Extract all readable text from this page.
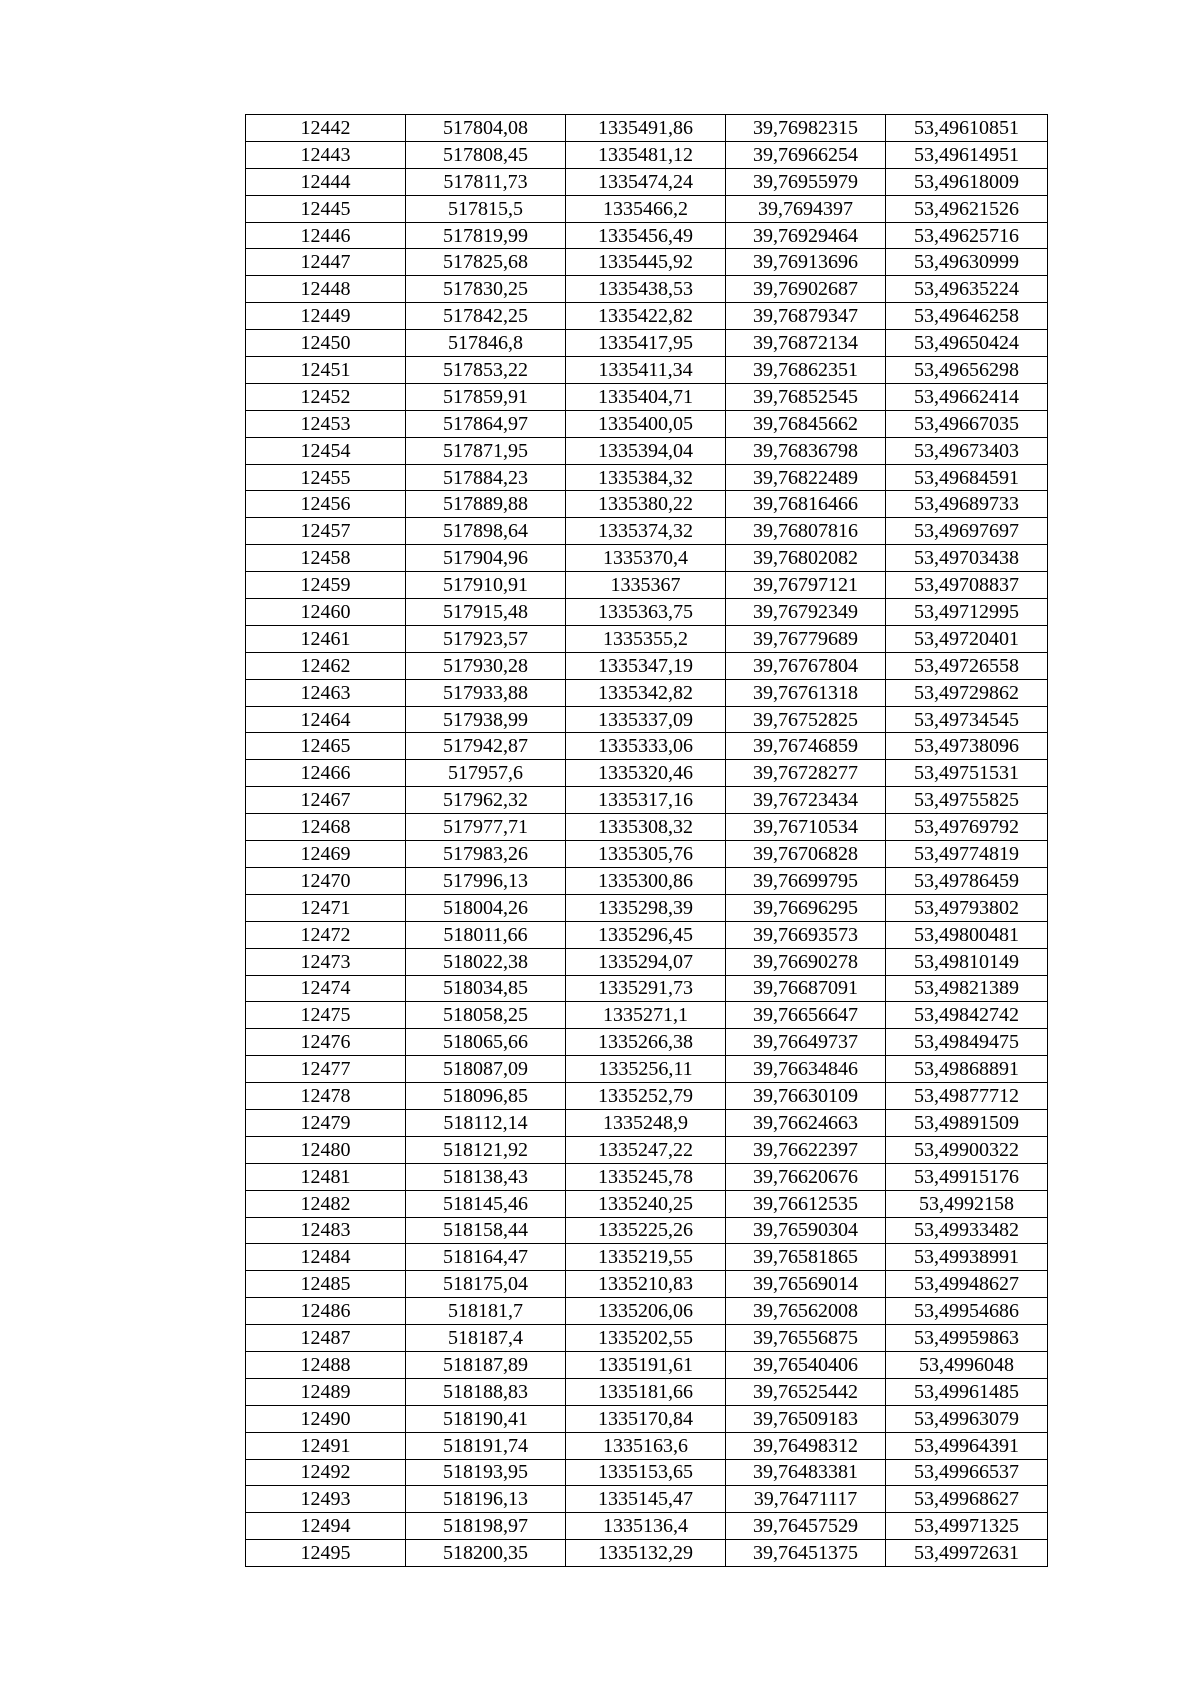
12442	517804,08	1335491,86	39,76982315	53,49610851
12443	517808,45	1335481,12	39,76966254	53,49614951
12444	517811,73	1335474,24	39,76955979	53,49618009
12445	517815,5	1335466,2	39,7694397	53,49621526
12446	517819,99	1335456,49	39,76929464	53,49625716
12447	517825,68	1335445,92	39,76913696	53,49630999
12448	517830,25	1335438,53	39,76902687	53,49635224
12449	517842,25	1335422,82	39,76879347	53,49646258
12450	517846,8	1335417,95	39,76872134	53,49650424
12451	517853,22	1335411,34	39,76862351	53,49656298
12452	517859,91	1335404,71	39,76852545	53,49662414
12453	517864,97	1335400,05	39,76845662	53,49667035
12454	517871,95	1335394,04	39,76836798	53,49673403
12455	517884,23	1335384,32	39,76822489	53,49684591
12456	517889,88	1335380,22	39,76816466	53,49689733
12457	517898,64	1335374,32	39,76807816	53,49697697
12458	517904,96	1335370,4	39,76802082	53,49703438
12459	517910,91	1335367	39,76797121	53,49708837
12460	517915,48	1335363,75	39,76792349	53,49712995
12461	517923,57	1335355,2	39,76779689	53,49720401
12462	517930,28	1335347,19	39,76767804	53,49726558
12463	517933,88	1335342,82	39,76761318	53,49729862
12464	517938,99	1335337,09	39,76752825	53,49734545
12465	517942,87	1335333,06	39,76746859	53,49738096
12466	517957,6	1335320,46	39,76728277	53,49751531
12467	517962,32	1335317,16	39,76723434	53,49755825
12468	517977,71	1335308,32	39,76710534	53,49769792
12469	517983,26	1335305,76	39,76706828	53,49774819
12470	517996,13	1335300,86	39,76699795	53,49786459
12471	518004,26	1335298,39	39,76696295	53,49793802
12472	518011,66	1335296,45	39,76693573	53,49800481
12473	518022,38	1335294,07	39,76690278	53,49810149
12474	518034,85	1335291,73	39,76687091	53,49821389
12475	518058,25	1335271,1	39,76656647	53,49842742
12476	518065,66	1335266,38	39,76649737	53,49849475
12477	518087,09	1335256,11	39,76634846	53,49868891
12478	518096,85	1335252,79	39,76630109	53,49877712
12479	518112,14	1335248,9	39,76624663	53,49891509
12480	518121,92	1335247,22	39,76622397	53,49900322
12481	518138,43	1335245,78	39,76620676	53,49915176
12482	518145,46	1335240,25	39,76612535	53,4992158
12483	518158,44	1335225,26	39,76590304	53,49933482
12484	518164,47	1335219,55	39,76581865	53,49938991
12485	518175,04	1335210,83	39,76569014	53,49948627
12486	518181,7	1335206,06	39,76562008	53,49954686
12487	518187,4	1335202,55	39,76556875	53,49959863
12488	518187,89	1335191,61	39,76540406	53,4996048
12489	518188,83	1335181,66	39,76525442	53,49961485
12490	518190,41	1335170,84	39,76509183	53,49963079
12491	518191,74	1335163,6	39,76498312	53,49964391
12492	518193,95	1335153,65	39,76483381	53,49966537
12493	518196,13	1335145,47	39,76471117	53,49968627
12494	518198,97	1335136,4	39,76457529	53,49971325
12495	518200,35	1335132,29	39,76451375	53,49972631
